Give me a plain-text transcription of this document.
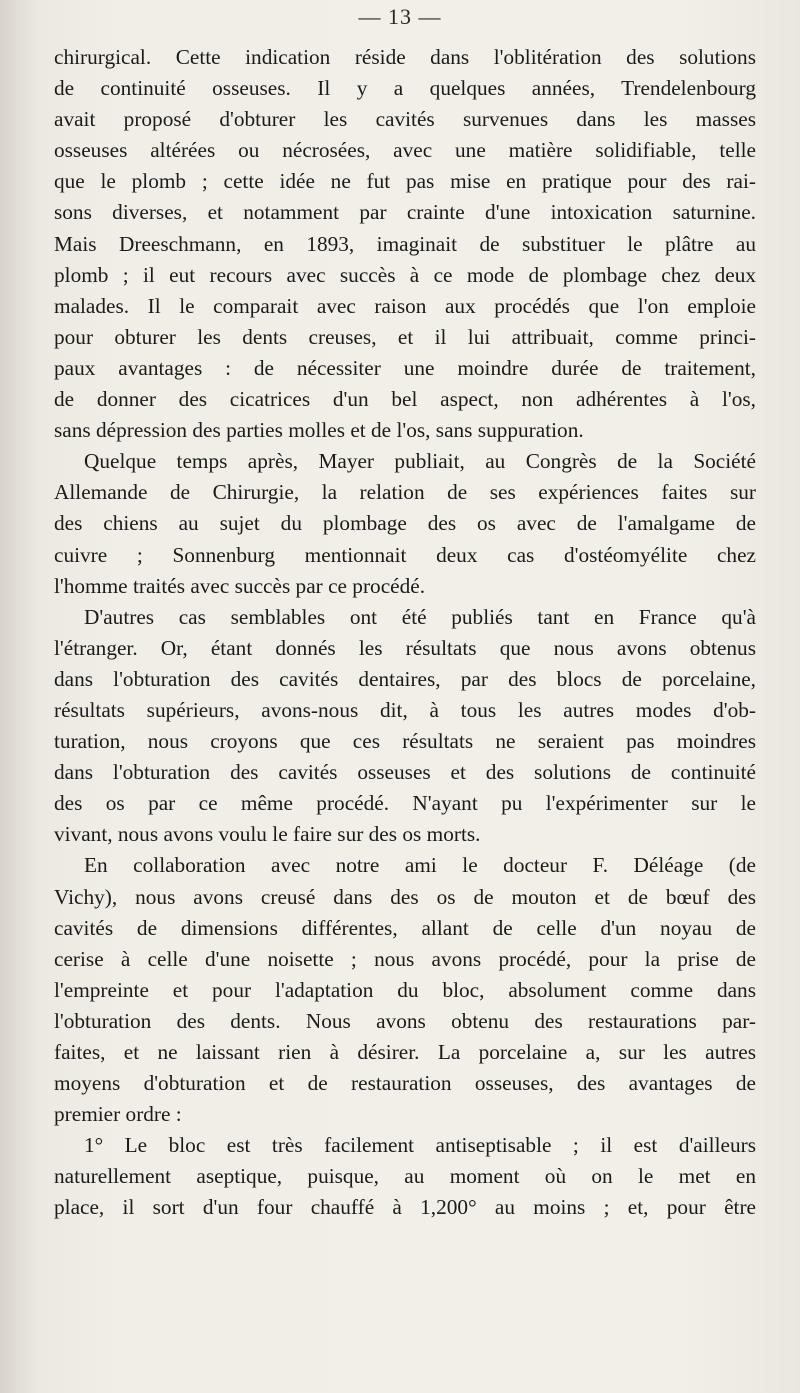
— 13 —
chirurgical. Cette indication réside dans l'oblitération des solutions
de continuité osseuses. Il y a quelques années, Trendelenbourg
avait proposé d'obturer les cavités survenues dans les masses
osseuses altérées ou nécrosées, avec une matière solidifiable, telle
que le plomb ; cette idée ne fut pas mise en pratique pour des rai-
sons diverses, et notamment par crainte d'une intoxication saturnine.
Mais Dreeschmann, en 1893, imaginait de substituer le plâtre au
plomb ; il eut recours avec succès à ce mode de plombage chez deux
malades. Il le comparait avec raison aux procédés que l'on emploie
pour obturer les dents creuses, et il lui attribuait, comme princi-
paux avantages : de nécessiter une moindre durée de traitement,
de donner des cicatrices d'un bel aspect, non adhérentes à l'os,
sans dépression des parties molles et de l'os, sans suppuration.
Quelque temps après, Mayer publiait, au Congrès de la Société
Allemande de Chirurgie, la relation de ses expériences faites sur
des chiens au sujet du plombage des os avec de l'amalgame de
cuivre ; Sonnenburg mentionnait deux cas d'ostéomyélite chez
l'homme traités avec succès par ce procédé.
D'autres cas semblables ont été publiés tant en France qu'à
l'étranger. Or, étant donnés les résultats que nous avons obtenus
dans l'obturation des cavités dentaires, par des blocs de porcelaine,
résultats supérieurs, avons-nous dit, à tous les autres modes d'ob-
turation, nous croyons que ces résultats ne seraient pas moindres
dans l'obturation des cavités osseuses et des solutions de continuité
des os par ce même procédé. N'ayant pu l'expérimenter sur le
vivant, nous avons voulu le faire sur des os morts.
En collaboration avec notre ami le docteur F. Déléage (de
Vichy), nous avons creusé dans des os de mouton et de bœuf des
cavités de dimensions différentes, allant de celle d'un noyau de
cerise à celle d'une noisette ; nous avons procédé, pour la prise de
l'empreinte et pour l'adaptation du bloc, absolument comme dans
l'obturation des dents. Nous avons obtenu des restaurations par-
faites, et ne laissant rien à désirer. La porcelaine a, sur les autres
moyens d'obturation et de restauration osseuses, des avantages de
premier ordre :
1° Le bloc est très facilement antiseptisable ; il est d'ailleurs
naturellement aseptique, puisque, au moment où on le met en
place, il sort d'un four chauffé à 1,200° au moins ; et, pour être
